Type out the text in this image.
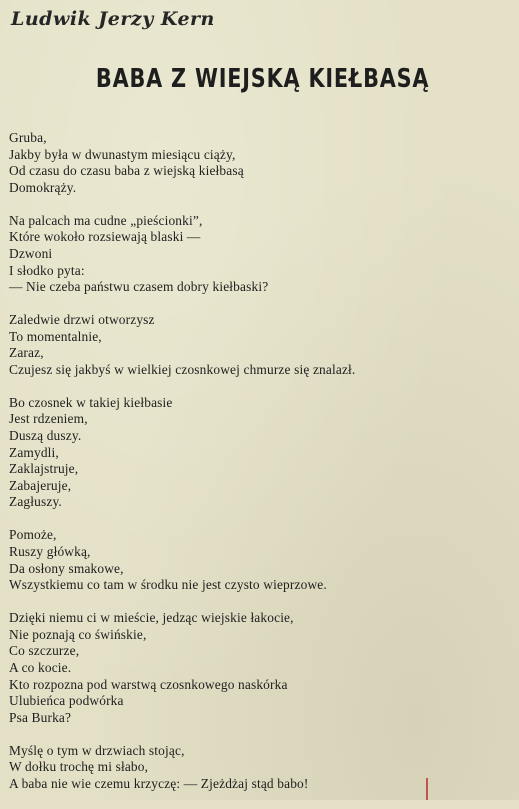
Ludwik Jerzy Kern
BABA Z WIEJSKĄ KIEŁBASĄ
Gruba,
Jakby była w dwunastym miesiącu ciąży,
Od czasu do czasu baba z wiejską kiełbasą
Domokrąży.
Na palcach ma cudne „pieścionki”,
Które wokoło rozsiewają blaski —
Dzwoni
I słodko pyta:
— Nie czeba państwu czasem dobry kiełbaski?
Zaledwie drzwi otworzysz
To momentalnie,
Zaraz,
Czujesz się jakbyś w wielkiej czosnkowej chmurze się znalazł.
Bo czosnek w takiej kiełbasie
Jest rdzeniem,
Duszą duszy.
Zamydli,
Zaklajstruje,
Zabajeruje,
Zagłuszy.
Pomoże,
Ruszy główką,
Da osłony smakowe,
Wszystkiemu co tam w środku nie jest czysto wieprzowe.
Dzięki niemu ci w mieście, jedząc wiejskie łakocie,
Nie poznają co świńskie,
Co szczurze,
A co kocie.
Kto rozpozna pod warstwą czosnkowego naskórka
Ulubieńca podwórka
Psa Burka?
Myślę o tym w drzwiach stojąc,
W dołku trochę mi słabo,
A baba nie wie czemu krzyczę: — Zjeżdżaj stąd babo!
